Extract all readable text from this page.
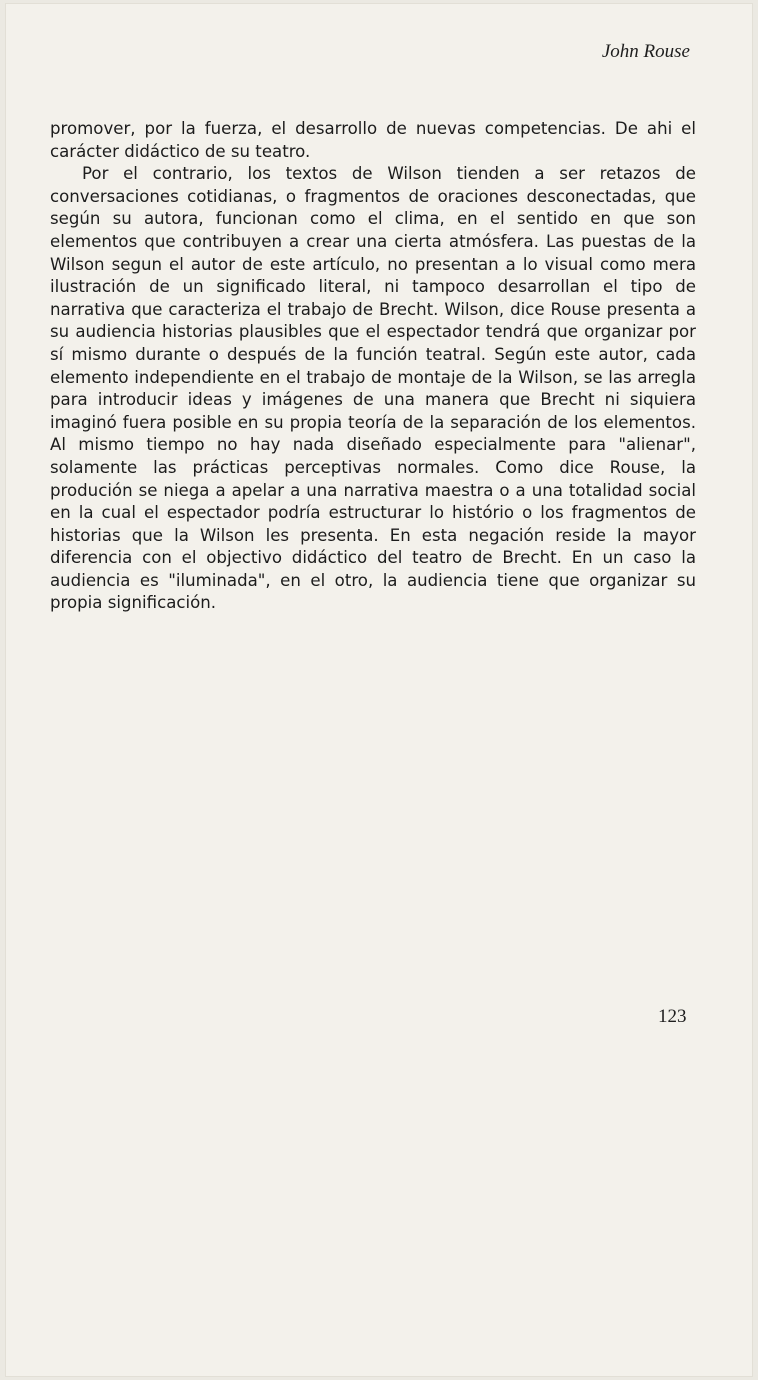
John Rouse

promover, por la fuerza, el desarrollo de nuevas competencias. De ahi el carácter didáctico de su teatro.

Por el contrario, los textos de Wilson tienden a ser retazos de conversaciones cotidianas, o fragmentos de oraciones desconectadas, que según su autora, funcionan como el clima, en el sentido en que son elementos que contribuyen a crear una cierta atmósfera. Las puestas de la Wilson segun el autor de este artículo, no presentan a lo visual como mera ilustración de un significado literal, ni tampoco desarrollan el tipo de narrativa que caracteriza el trabajo de Brecht. Wilson, dice Rouse presenta a su audiencia historias plausibles que el espectador tendrá que organizar por sí mismo durante o después de la función teatral. Según este autor, cada elemento independiente en el trabajo de montaje de la Wilson, se las arregla para introducir ideas y imágenes de una manera que Brecht ni siquiera imaginó fuera posible en su propia teoría de la separación de los elementos. Al mismo tiempo no hay nada diseñado especialmente para "alienar", solamente las prácticas perceptivas normales. Como dice Rouse, la produción se niega a apelar a una narrativa maestra o a una totalidad social en la cual el espectador podría estructurar lo histório o los fragmentos de historias que la Wilson les presenta. En esta negación reside la mayor diferencia con el objectivo didáctico del teatro de Brecht. En un caso la audiencia es "iluminada", en el otro, la audiencia tiene que organizar su propia significación.

123
